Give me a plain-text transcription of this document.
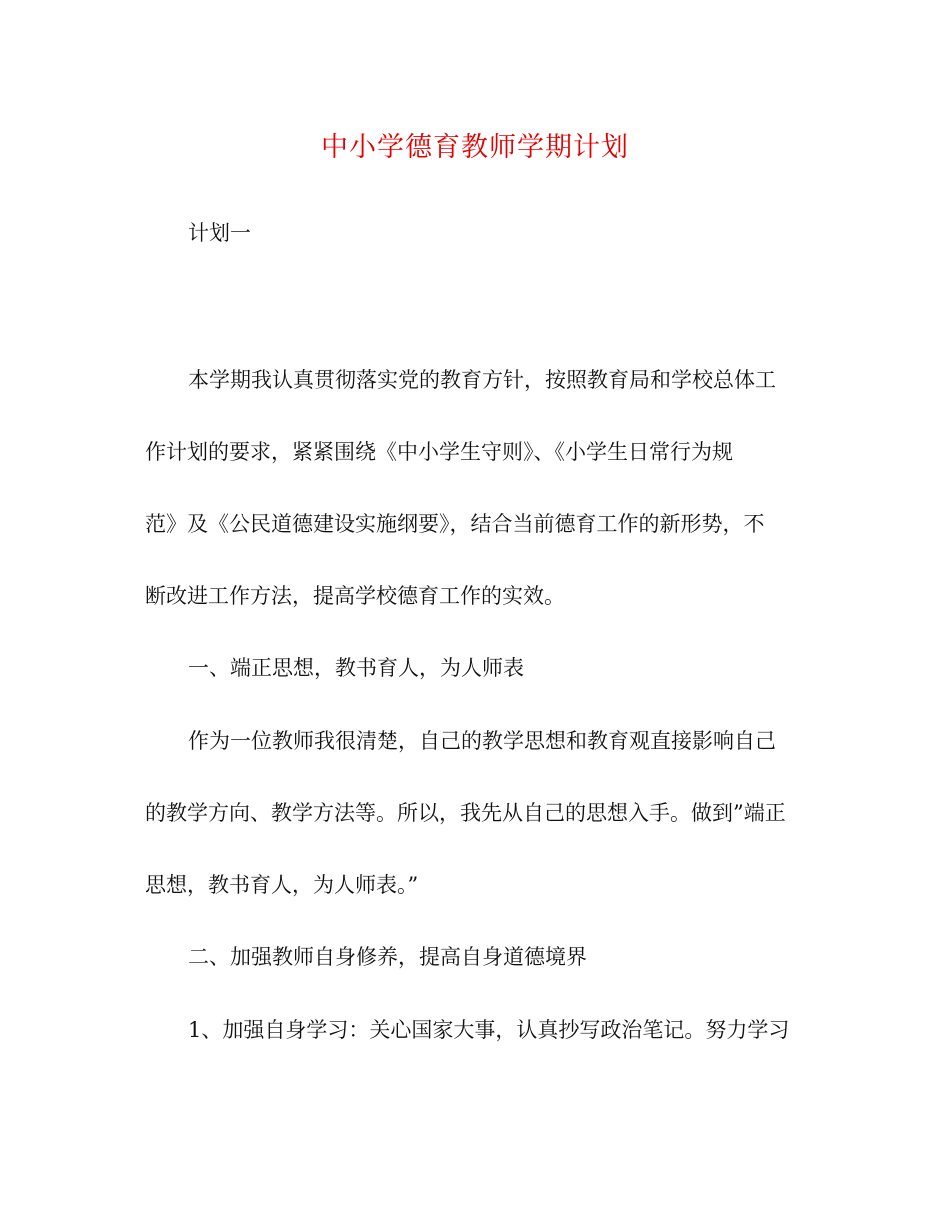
中小学德育教师学期计划
计划一
本学期我认真贯彻落实党的教育方针，按照教育局和学校总体工
作计划的要求，紧紧围绕《中小学生守则》、《小学生日常行为规
范》及《公民道德建设实施纲要》，结合当前德育工作的新形势，不
断改进工作方法，提高学校德育工作的实效。
一、端正思想，教书育人，为人师表
作为一位教师我很清楚，自己的教学思想和教育观直接影响自己
的教学方向、教学方法等。所以，我先从自己的思想入手。做到”端正
思想，教书育人，为人师表。”
二、加强教师自身修养，提高自身道德境界
1、加强自身学习：关心国家大事，认真抄写政治笔记。努力学习
